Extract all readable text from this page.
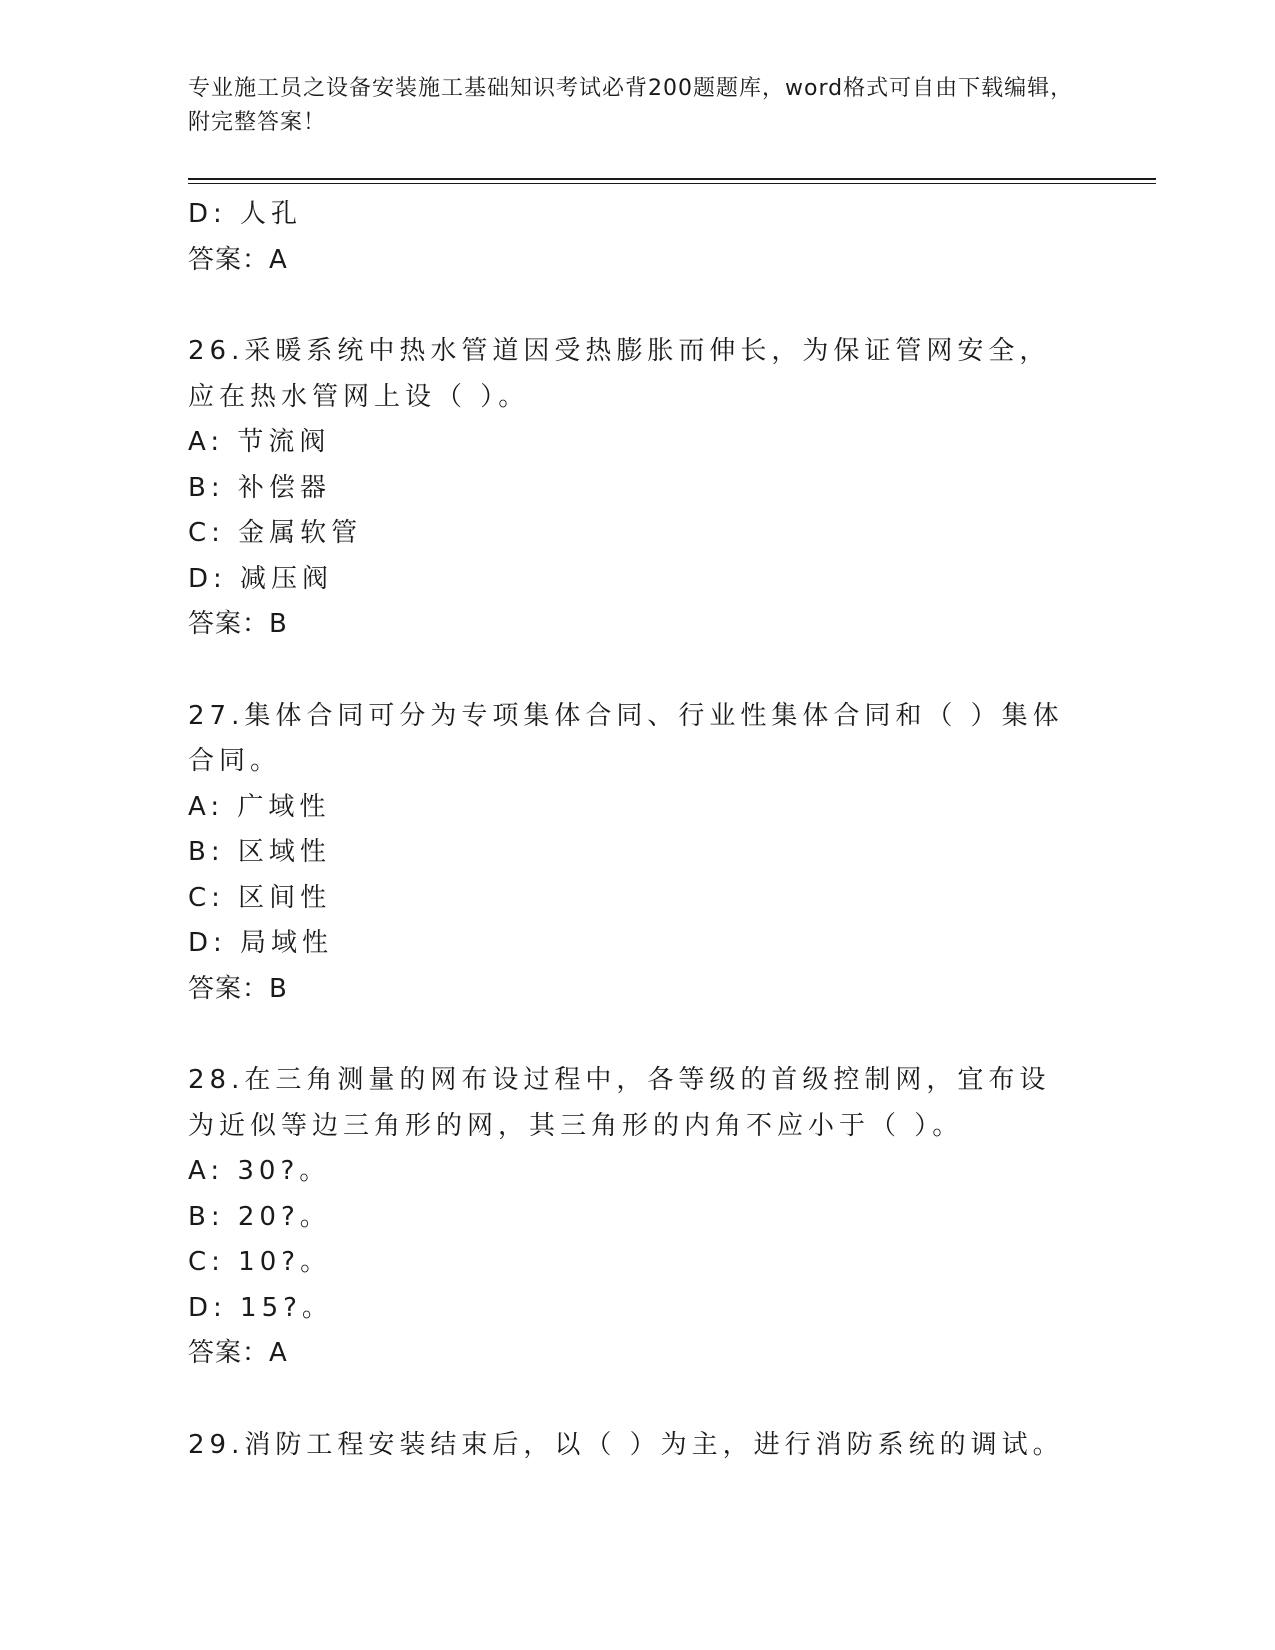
专业施工员之设备安装施工基础知识考试必背200题题库，word格式可自由下载编辑，附完整答案！
D: 人孔
答案：A
26.采暖系统中热水管道因受热膨胀而伸长，为保证管网安全，应在热水管网上设（ ）。
A: 节流阀
B: 补偿器
C: 金属软管
D: 减压阀
答案：B
27.集体合同可分为专项集体合同、行业性集体合同和（ ）集体合同。
A: 广域性
B: 区域性
C: 区间性
D: 局域性
答案：B
28.在三角测量的网布设过程中，各等级的首级控制网，宜布设为近似等边三角形的网，其三角形的内角不应小于（ ）。
A: 30?。
B: 20?。
C: 10?。
D: 15?。
答案：A
29.消防工程安装结束后，以（ ）为主，进行消防系统的调试。
